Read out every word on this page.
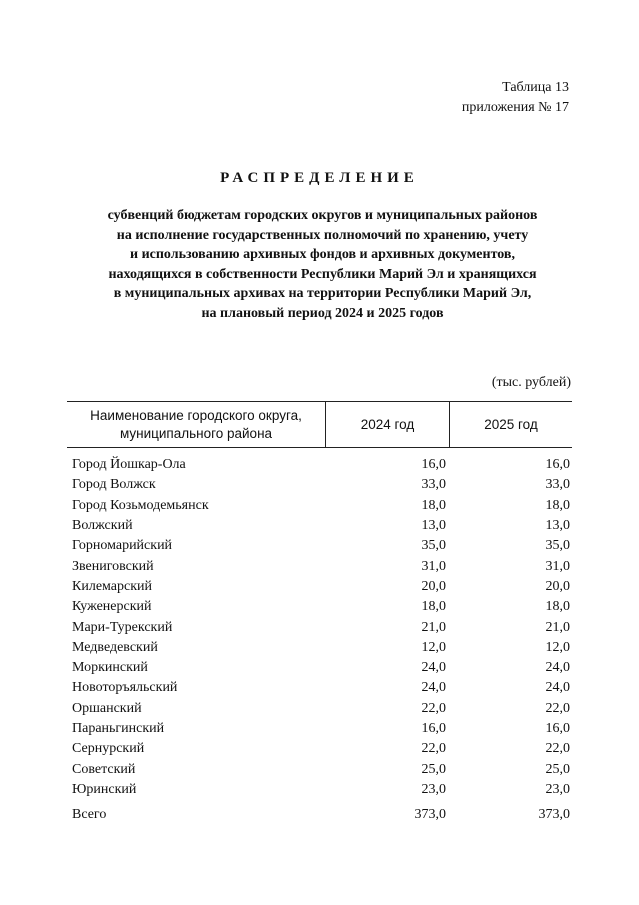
Таблица 13
приложения № 17
РАСПРЕДЕЛЕНИЕ
субвенций бюджетам городских округов и муниципальных районов
на исполнение государственных полномочий по хранению, учету
и использованию архивных фондов и архивных документов,
находящихся в собственности Республики Марий Эл и хранящихся
в муниципальных архивах на территории Республики Марий Эл,
на плановый период 2024 и 2025 годов
(тыс. рублей)
Наименование городского округа,
муниципального района
2024 год	2025 год
Город Йошкар-Ола	16,0	16,0
Город Волжск	33,0	33,0
Город Козьмодемьянск	18,0	18,0
Волжский	13,0	13,0
Горномарийский	35,0	35,0
Звениговский	31,0	31,0
Килемарский	20,0	20,0
Куженерский	18,0	18,0
Мари-Турекский	21,0	21,0
Медведевский	12,0	12,0
Моркинский	24,0	24,0
Новоторъяльский	24,0	24,0
Оршанский	22,0	22,0
Параньгинский	16,0	16,0
Сернурский	22,0	22,0
Советский	25,0	25,0
Юринский	23,0	23,0
Всего	373,0	373,0
